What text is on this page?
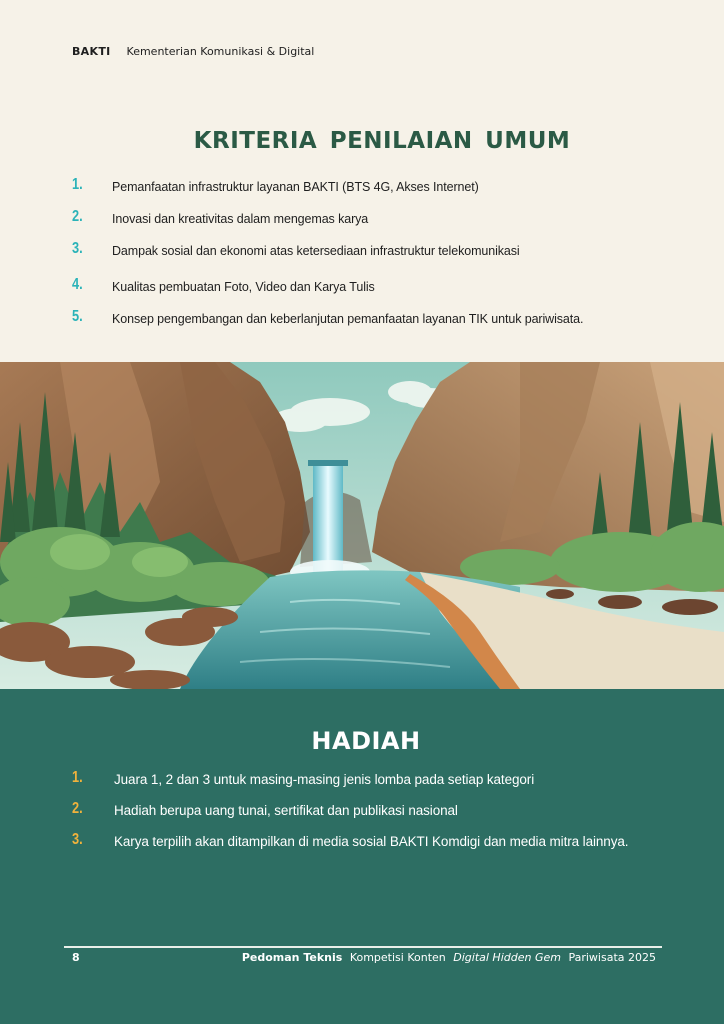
BAKTI Kementerian Komunikasi & Digital
KRITERIA PENILAIAN UMUM
1.	Pemanfaatan infrastruktur layanan BAKTI (BTS 4G, Akses Internet)
2.	Inovasi dan kreativitas dalam mengemas karya
3.	Dampak sosial dan ekonomi atas ketersediaan infrastruktur telekomunikasi
4.	Kualitas pembuatan Foto, Video dan Karya Tulis
5.	Konsep pengembangan dan keberlanjutan pemanfaatan layanan TIK untuk pariwisata.
HADIAH
1.	Juara 1, 2 dan 3 untuk masing-masing jenis lomba pada setiap kategori
2.	Hadiah berupa uang tunai, sertifikat dan publikasi nasional
3.	Karya terpilih akan ditampilkan di media sosial BAKTI Komdigi dan media mitra lainnya.
8	Pedoman Teknis Kompetisi Konten Digital Hidden Gem Pariwisata 2025
